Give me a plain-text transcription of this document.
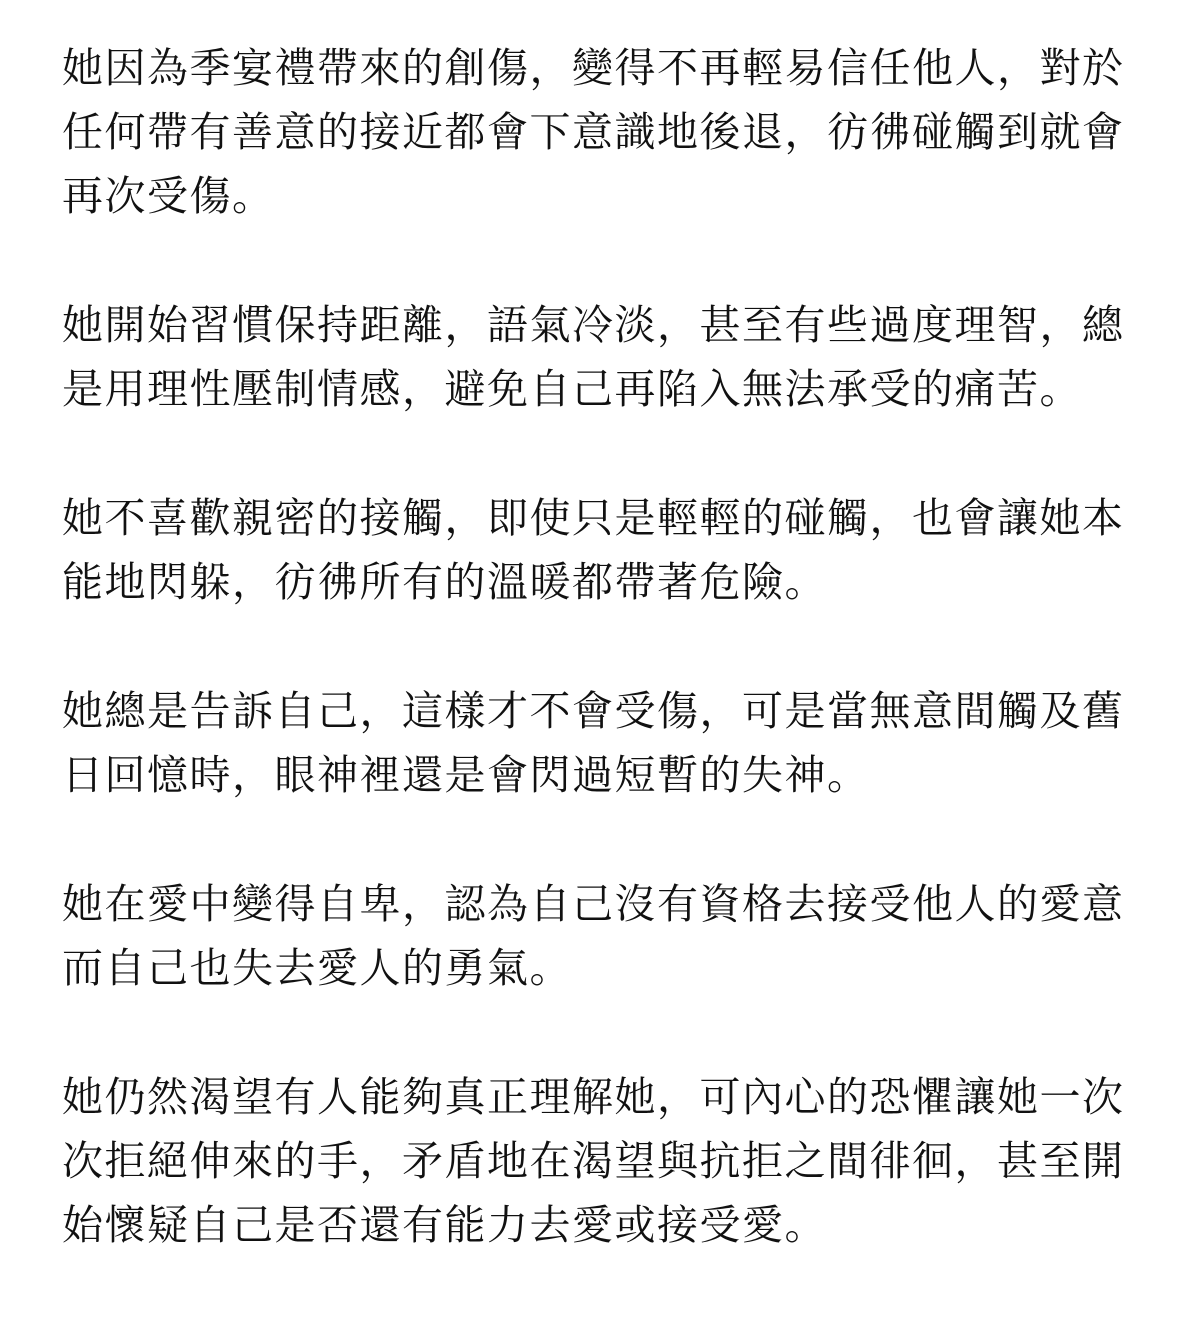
她因為季宴禮帶來的創傷，變得不再輕易信任他人，對於
任何帶有善意的接近都會下意識地後退，彷彿碰觸到就會
再次受傷。

她開始習慣保持距離，語氣冷淡，甚至有些過度理智，總
是用理性壓制情感，避免自己再陷入無法承受的痛苦。

她不喜歡親密的接觸，即使只是輕輕的碰觸，也會讓她本
能地閃躲，彷彿所有的溫暖都帶著危險。

她總是告訴自己，這樣才不會受傷，可是當無意間觸及舊
日回憶時，眼神裡還是會閃過短暫的失神。

她在愛中變得自卑，認為自己沒有資格去接受他人的愛意
而自己也失去愛人的勇氣。

她仍然渴望有人能夠真正理解她，可內心的恐懼讓她一次
次拒絕伸來的手，矛盾地在渴望與抗拒之間徘徊，甚至開
始懷疑自己是否還有能力去愛或接受愛。
